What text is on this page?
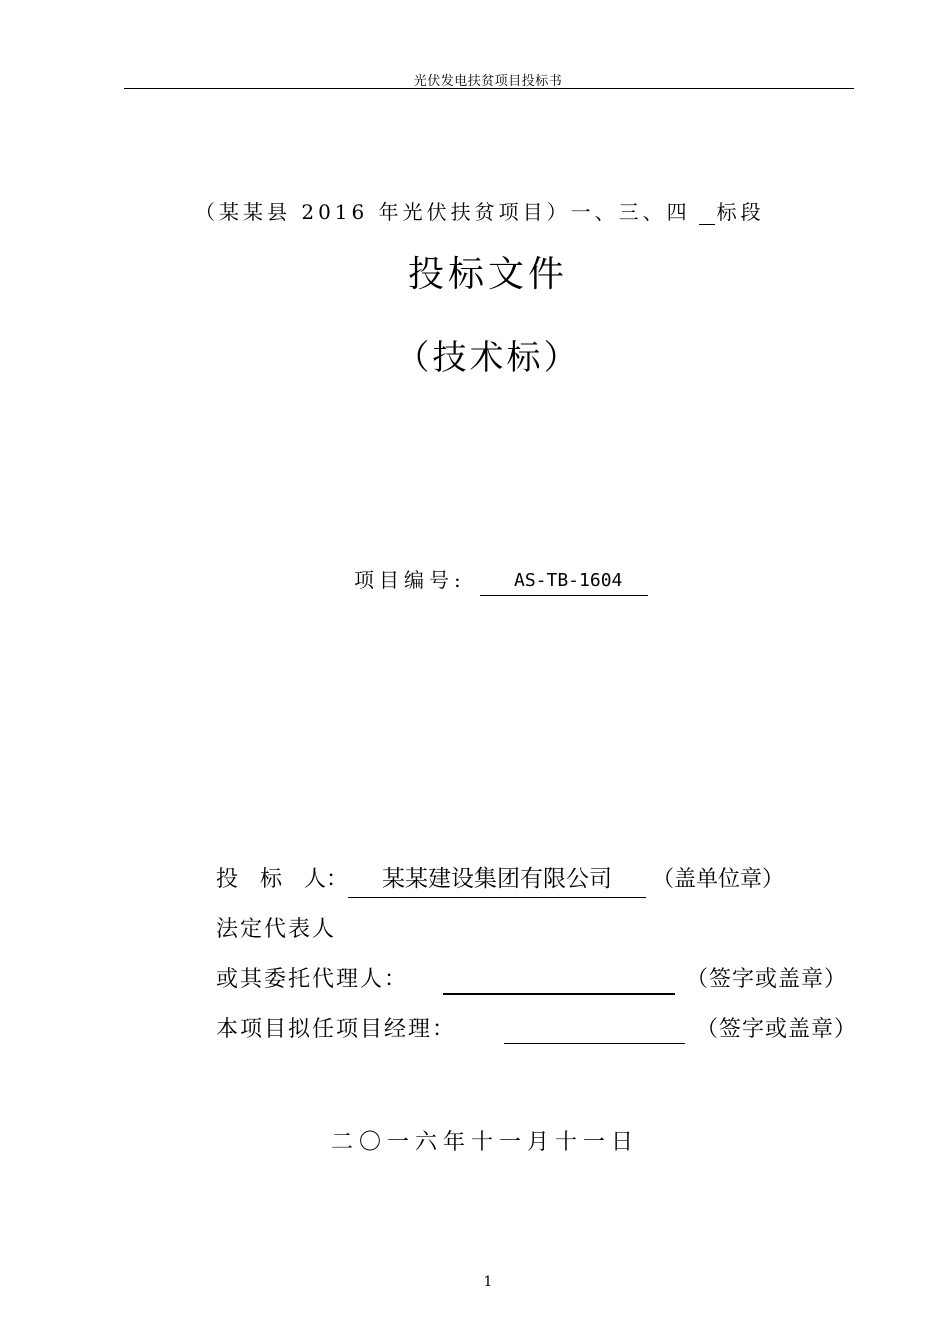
光伏发电扶贫项目投标书
（某某县 2016 年光伏扶贫项目）一、三、四 标段
投标文件
（技术标）
项目编号:	AS-TB-1604
投 标 人：	某某建设集团有限公司	（盖单位章）
法定代表人
或其委托代理人：	（签字或盖章）
本项目拟任项目经理：	（签字或盖章）
二〇一六年十一月十一日
1
